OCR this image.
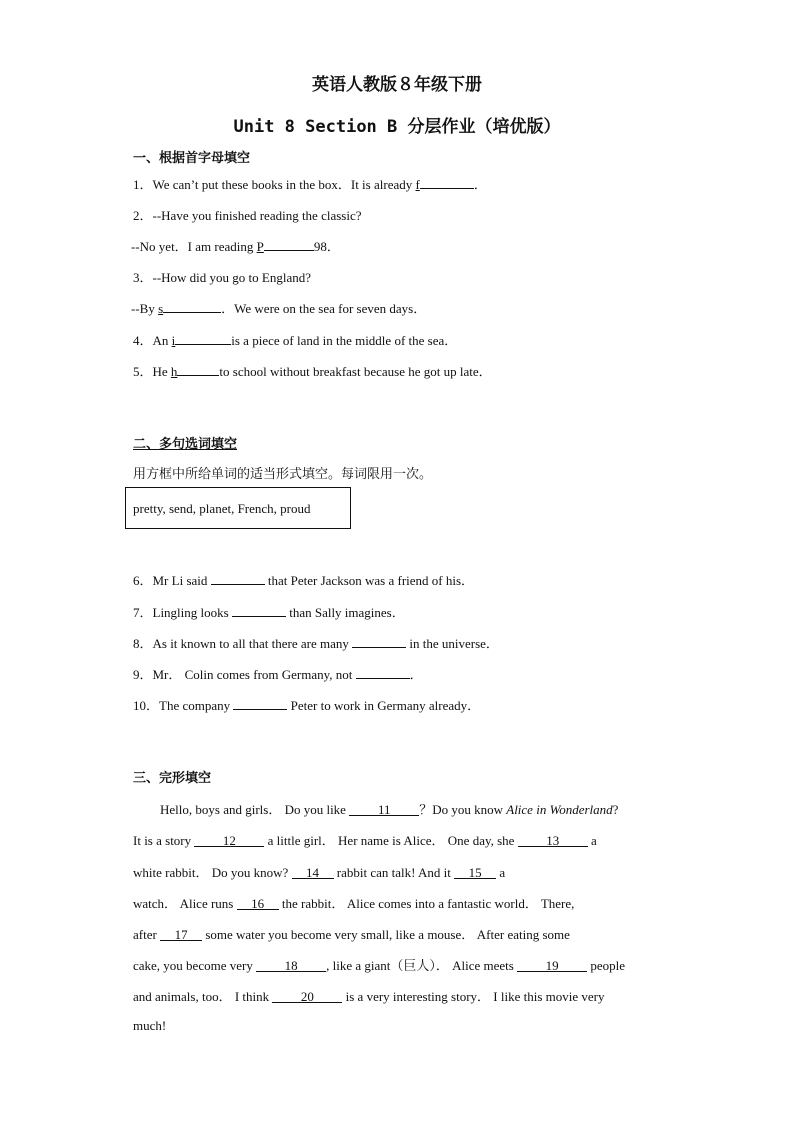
英语人教版８年级下册
Unit 8 Section B 分层作业（培优版）
一、根据首字母填空
1．We can’t put these books in the box．It is already f	．
2．--Have you finished reading the classic?
--No yet．I am reading P	98．
3．--How did you go to England?
--By s	．We were on the sea for seven days．
4．An i	is a piece of land in the middle of the sea．
5．He h	to school without breakfast because he got up late．
二、多句选词填空
用方框中所给单词的适当形式填空。每词限用一次。
pretty, send, planet, French, proud
6．Mr Li said	that Peter Jackson was a friend of his．
7．Lingling looks	than Sally imagines．
8．As it known to all that there are many	in the universe．
9．Mr． Colin comes from Germany, not	．
10．The company	Peter to work in Germany already．
三、完形填空
Hello, boys and girls． Do you like 11 ？Do you know Alice in Wonderland?
It is a story 12 a little girl． Her name is Alice． One day, she 13 a
white rabbit． Do you know? 14 rabbit can talk! And it 15 a
watch． Alice runs 16 the rabbit． Alice comes into a fantastic world． There,
after 17 some water you become very small, like a mouse． After eating some
cake, you become very 18 , like a giant（巨人）． Alice meets 19 people
and animals, too． I think 20 is a very interesting story． I like this movie very
much!
